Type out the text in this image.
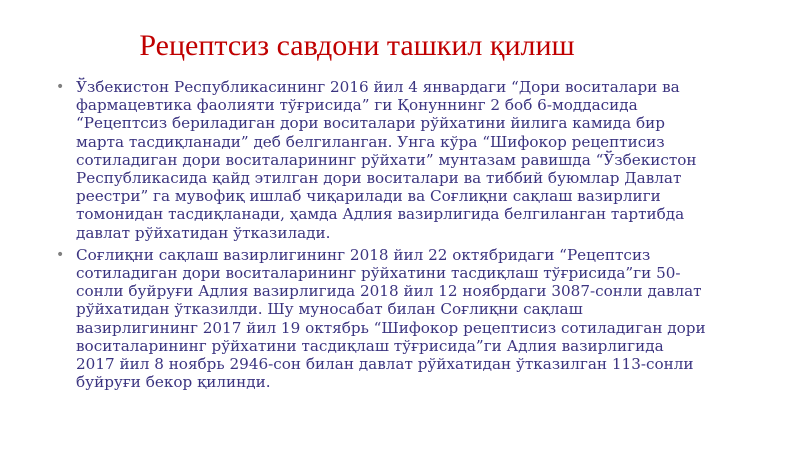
Рецептсиз савдони ташкил қилиш
• Ўзбекистон Республикасининг 2016 йил 4 январдаги “Дори воситалари ва
фармацевтика фаолияти тўғрисида” ги Қонуннинг 2 боб 6-моддасида
“Рецептсиз бериладиган дори воситалари рўйхатини йилига камида бир
марта тасдиқланади” деб белгиланган. Унга кўра “Шифокор рецептисиз
сотиладиган дори воситаларининг рўйхати” мунтазам равишда “Ўзбекистон
Республикасида қайд этилган дори воситалари ва тиббий буюмлар Давлат
реестри” га мувофиқ ишлаб чиқарилади ва Соғлиқни сақлаш вазирлиги
томонидан тасдиқланади, ҳамда Адлия вазирлигида белгиланган тартибда
давлат рўйхатидан ўтказилади.
• Соғлиқни сақлаш вазирлигининг 2018 йил 22 октябридаги “Рецептсиз
сотиладиган дори воситаларининг рўйхатини тасдиқлаш тўғрисида”ги 50-
сонли буйруғи Адлия вазирлигида 2018 йил 12 ноябрдаги 3087-сонли давлат
рўйхатидан ўтказилди. Шу муносабат билан Соғлиқни сақлаш
вазирлигининг 2017 йил 19 октябрь “Шифокор рецептисиз сотиладиган дори
воситаларининг рўйхатини тасдиқлаш тўғрисида”ги Адлия вазирлигида
2017 йил 8 ноябрь 2946-сон билан давлат рўйхатидан ўтказилган 113-сонли
буйруғи бекор қилинди.
